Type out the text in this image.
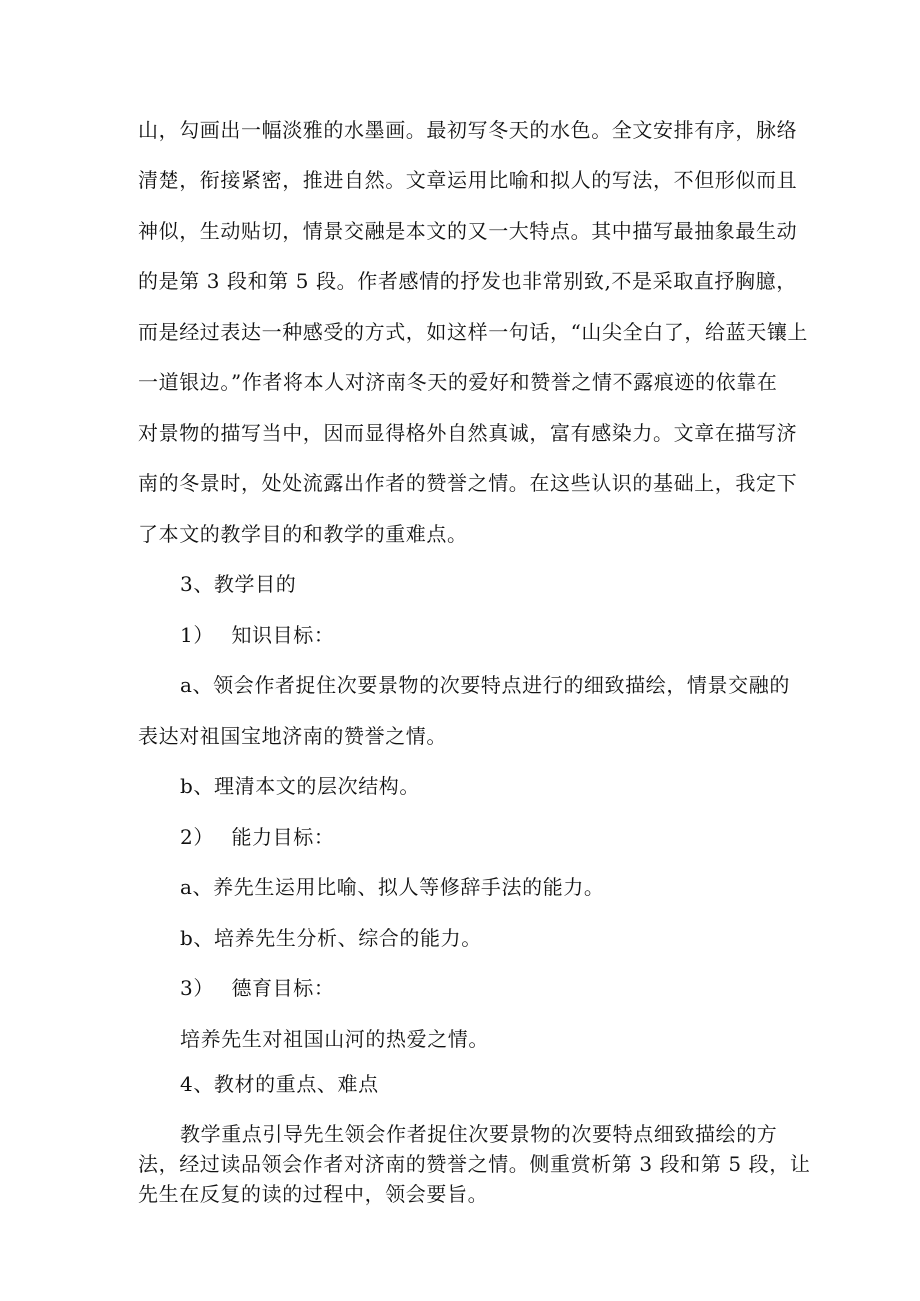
山，勾画出一幅淡雅的水墨画。最初写冬天的水色。全文安排有序，脉络
清楚，衔接紧密，推进自然。文章运用比喻和拟人的写法，不但形似而且
神似，生动贴切，情景交融是本文的又一大特点。其中描写最抽象最生动
的是第 3 段和第 5 段。作者感情的抒发也非常别致,不是采取直抒胸臆，
而是经过表达一种感受的方式，如这样一句话，“山尖全白了，给蓝天镶上
一道银边。”作者将本人对济南冬天的爱好和赞誉之情不露痕迹的依靠在
对景物的描写当中，因而显得格外自然真诚，富有感染力。文章在描写济
南的冬景时，处处流露出作者的赞誉之情。在这些认识的基础上，我定下
了本文的教学目的和教学的重难点。
3、教学目的
1）　 知识目标：
a、领会作者捉住次要景物的次要特点进行的细致描绘，情景交融的
表达对祖国宝地济南的赞誉之情。
b、理清本文的层次结构。
2）　 能力目标：
a、养先生运用比喻、拟人等修辞手法的能力。
b、培养先生分析、综合的能力。
3）　 德育目标：
培养先生对祖国山河的热爱之情。
4、教材的重点、难点
教学重点引导先生领会作者捉住次要景物的次要特点细致描绘的方
法，经过读品领会作者对济南的赞誉之情。侧重赏析第 3 段和第 5 段，让
先生在反复的读的过程中，领会要旨。
